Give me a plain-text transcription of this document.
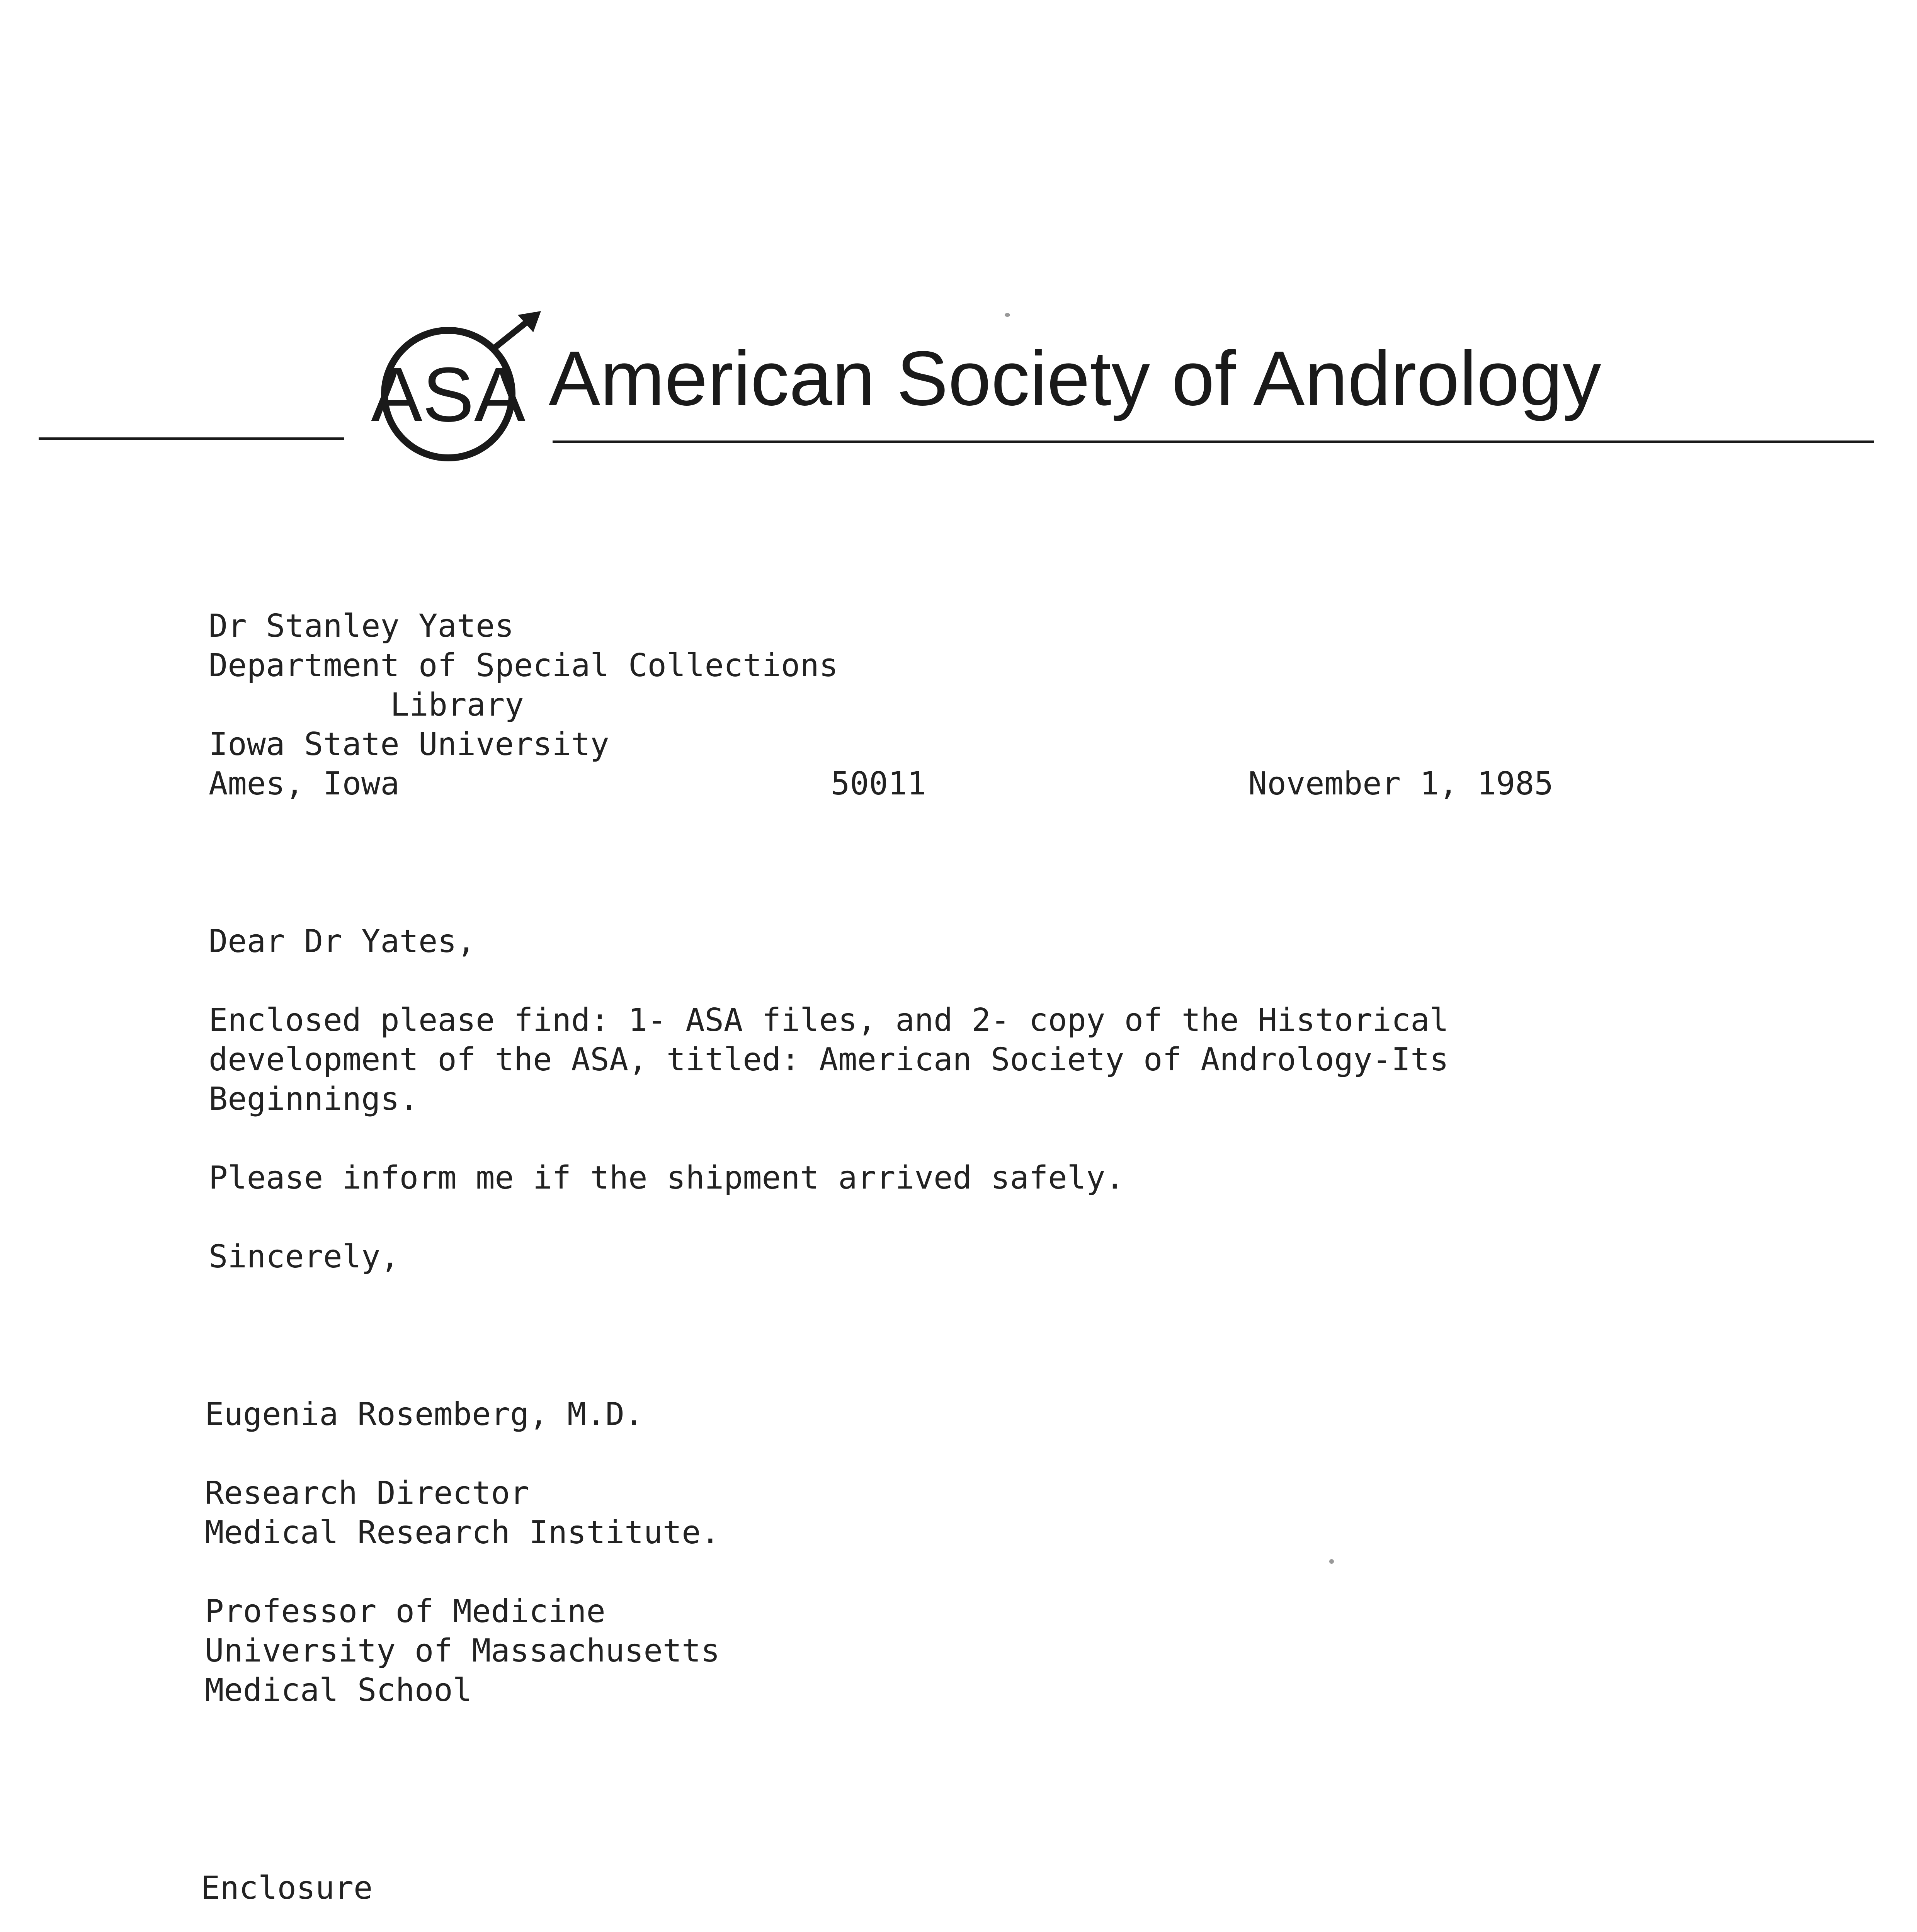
ASA American Society of Andrology
Dr Stanley Yates
Department of Special Collections
Library
Iowa State University
Ames, Iowa	50011	November 1, 1985
Dear Dr Yates,
Enclosed please find: 1- ASA files, and 2- copy of the Historical
development of the ASA, titled: American Society of Andrology-Its
Beginnings.
Please inform me if the shipment arrived safely.
Sincerely,
Eugenia Rosemberg, M.D.
Research Director
Medical Research Institute.
Professor of Medicine
University of Massachusetts
Medical School
Enclosure
